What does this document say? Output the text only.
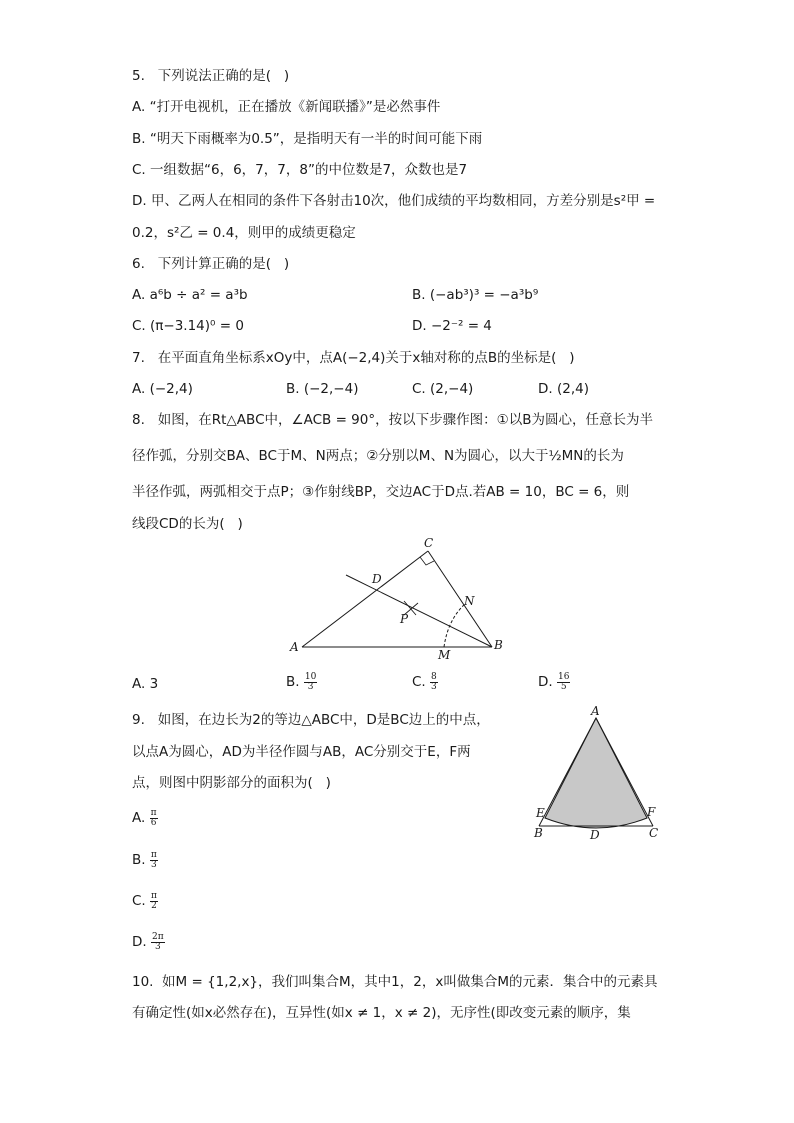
5.   下列说法正确的是(   )
A. “打开电视机，正在播放《新闻联播》”是必然事件
B. “明天下雨概率为0.5”，是指明天有一半的时间可能下雨
C. 一组数据“6，6，7，7，8”的中位数是7，众数也是7
D. 甲、乙两人在相同的条件下各射击10次，他们成绩的平均数相同，方差分别是s²甲 =
0.2，s²乙 = 0.4，则甲的成绩更稳定
6.   下列计算正确的是(   )
A. a⁶b ÷ a² = a³b	B. (−ab³)³ = −a³b⁹
C. (π−3.14)⁰ = 0	D. −2⁻² = 4
7.   在平面直角坐标系xOy中，点A(−2,4)关于x轴对称的点B的坐标是(   )
A. (−2,4)	B. (−2,−4)	C. (2,−4)	D. (2,4)
8.   如图，在Rt△ABC中，∠ACB = 90°，按以下步骤作图：①以B为圆心，任意长为半
径作弧，分别交BA、BC于M、N两点；②分别以M、N为圆心，以大于½MN的长为
半径作弧，两弧相交于点P；③作射线BP，交边AC于D点.若AB = 10，BC = 6，则
线段CD的长为(   )
C
D
N
P
A	B
M
A. 3	B. $\frac{10}{3}$	C. $\frac{8}{3}$	D. $\frac{16}{5}$
9.   如图，在边长为2的等边△ABC中，D是BC边上的中点，
以点A为圆心，AD为半径作圆与AB，AC分别交于E，F两
点，则图中阴影部分的面积为(   )
A
E	F
B	D	C
A. $\frac{\pi}{6}$
B. $\frac{\pi}{3}$
C. $\frac{\pi}{2}$
D. $\frac{2\pi}{3}$
10.  如M = {1,2,x}，我们叫集合M，其中1，2，x叫做集合M的元素．集合中的元素具
有确定性(如x必然存在)，互异性(如x ≠ 1，x ≠ 2)，无序性(即改变元素的顺序，集
